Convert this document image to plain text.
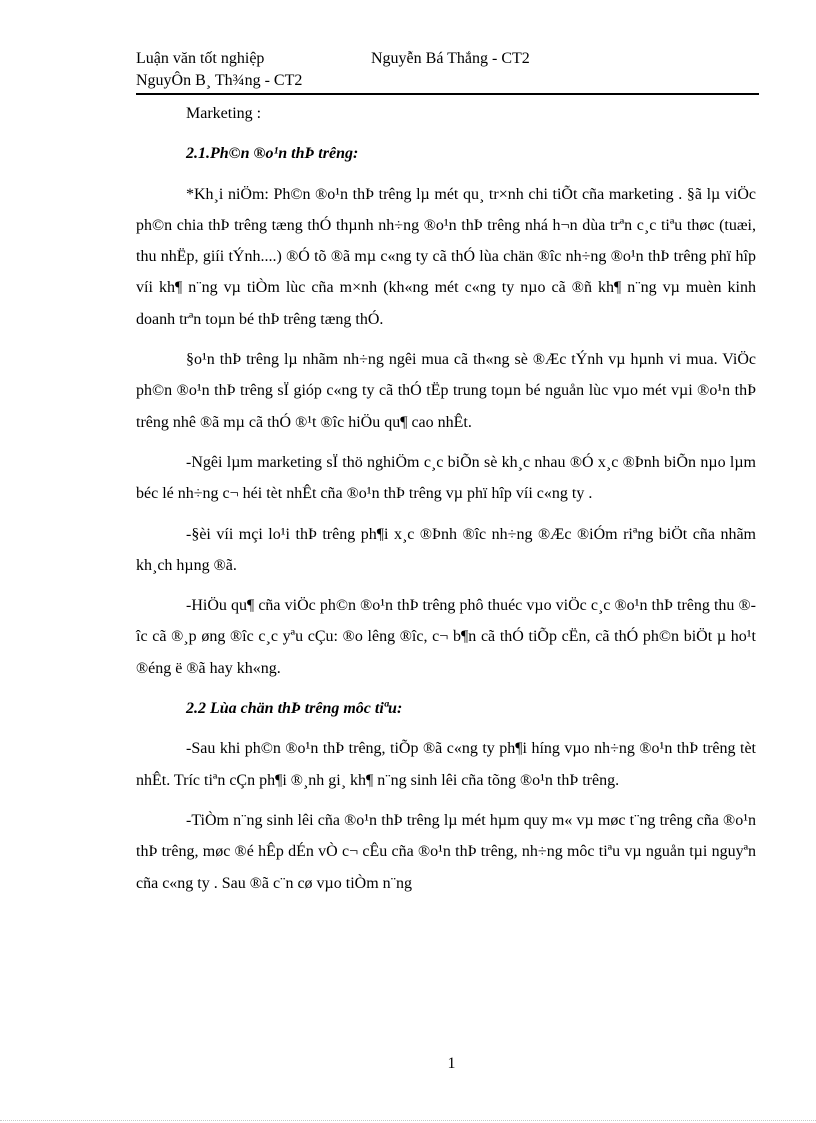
Luận văn tốt nghiệp	Nguyễn Bá Thắng - CT2
NguyÔn B¸ Th¾ng - CT2

Marketing :

2.1.Ph©n ®o¹n thÞ trêng:

*Kh¸i niÖm: Ph©n ®o¹n thÞ trêng lµ mét qu¸ tr×nh chi tiÕt cña marketing . §ã lµ viÖc ph©n chia thÞ trêng tæng thÓ thµnh nh÷ng ®o¹n thÞ trêng nhá h¬n dùa trªn c¸c tiªu thøc (tuæi, thu nhËp, giíi tÝnh....) ®Ó tõ ®ã mµ c«ng ty cã thÓ lùa chän ®îc nh÷ng ®o¹n thÞ trêng phï hîp víi kh¶ n¨ng vµ tiÒm lùc cña m×nh (kh«ng mét c«ng ty nµo cã ®ñ kh¶ n¨ng vµ muèn kinh doanh trªn toµn bé thÞ trêng tæng thÓ.

§o¹n thÞ trêng lµ nhãm nh÷ng ngêi mua cã th«ng sè ®Æc tÝnh vµ hµnh vi mua. ViÖc ph©n ®o¹n thÞ trêng sÏ gióp c«ng ty cã thÓ tËp trung toµn bé nguån lùc vµo mét vµi ®o¹n thÞ trêng nhê ®ã mµ cã thÓ ®¹t ®îc hiÖu qu¶ cao nhÊt.

-Ngêi lµm marketing sÏ thö nghiÖm c¸c biÕn sè kh¸c nhau ®Ó x¸c ®Þnh biÕn nµo lµm béc lé nh÷ng c¬ héi tèt nhÊt cña ®o¹n thÞ trêng vµ phï hîp víi c«ng ty .

-§èi víi mçi lo¹i thÞ trêng ph¶i x¸c ®Þnh ®îc nh÷ng ®Æc ®iÓm riªng biÖt cña nhãm kh¸ch hµng ®ã.

-HiÖu qu¶ cña viÖc ph©n ®o¹n thÞ trêng phô thuéc vµo viÖc c¸c ®o¹n thÞ trêng thu ®îc cã ®¸p øng ®îc c¸c yªu cÇu: ®o lêng ®îc, c¬ b¶n cã thÓ tiÕp cËn, cã thÓ ph©n biÖt µ ho¹t ®éng ë ®ã hay kh«ng.

2.2 Lùa chän thÞ trêng môc tiªu:

-Sau khi ph©n ®o¹n thÞ trêng, tiÕp ®ã c«ng ty ph¶i híng vµo nh÷ng ®o¹n thÞ trêng tèt nhÊt. Tríc tiªn cÇn ph¶i ®¸nh gi¸ kh¶ n¨ng sinh lêi cña tõng ®o¹n thÞ trêng.

-TiÒm n¨ng sinh lêi cña ®o¹n thÞ trêng lµ mét hµm quy m« vµ møc t¨ng trêng cña ®o¹n thÞ trêng, møc ®é hÊp dÉn vÒ c¬ cÊu cña ®o¹n thÞ trêng, nh÷ng môc tiªu vµ nguån tµi nguyªn cña c«ng ty . Sau ®ã c¨n cø vµo tiÒm n¨ng

1
